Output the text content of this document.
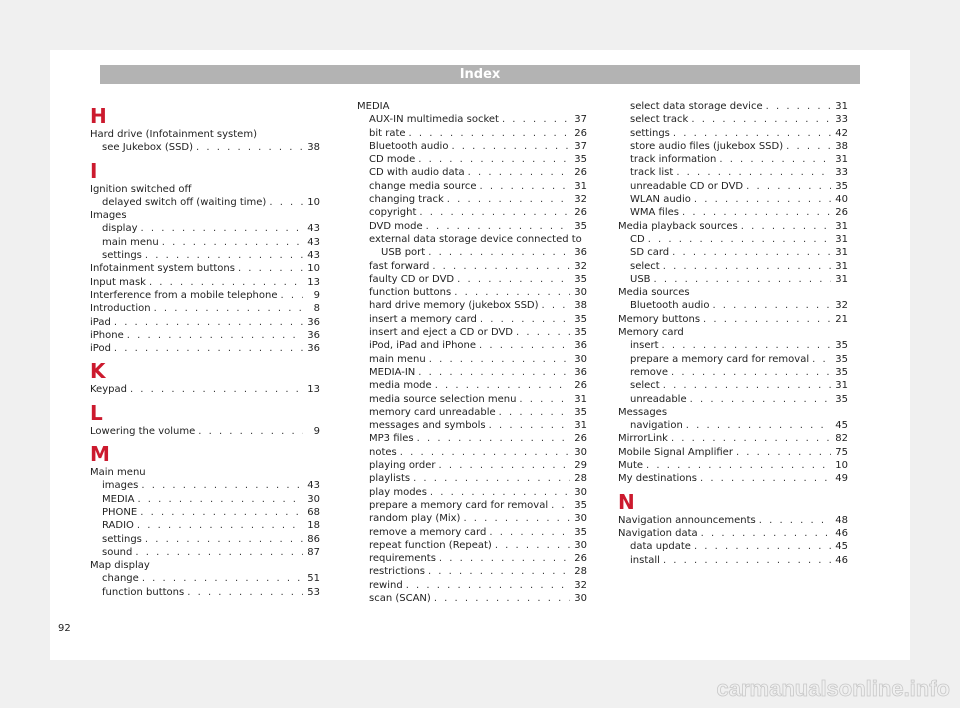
Index
H
Hard drive (Infotainment system)
see Jukebox (SSD) . . .	38
I
Ignition switched off
delayed switch off (waiting time) . . .	10
Images
display . . .	43
main menu . . .	43
settings . . .	43
Infotainment system buttons . . .	10
Input mask . . .	13
Interference from a mobile telephone . . .	9
Introduction . . .	8
iPad . . .	36
iPhone . . .	36
iPod . . .	36
K
Keypad . . .	13
L
Lowering the volume . . .	9
M
Main menu
images . . .	43
MEDIA . . .	30
PHONE . . .	68
RADIO . . .	18
settings . . .	86
sound . . .	87
Map display
change . . .	51
function buttons . . .	53
MEDIA
AUX-IN multimedia socket . . .	37
bit rate . . .	26
Bluetooth audio . . .	37
CD mode . . .	35
CD with audio data . . .	26
change media source . . .	31
changing track . . .	32
copyright . . .	26
DVD mode . . .	35
external data storage device connected to
USB port . . .	36
fast forward . . .	32
faulty CD or DVD . . .	35
function buttons . . .	30
hard drive memory (jukebox SSD) . . .	38
insert a memory card . . .	35
insert and eject a CD or DVD . . .	35
iPod, iPad and iPhone . . .	36
main menu . . .	30
MEDIA-IN . . .	36
media mode . . .	26
media source selection menu . . .	31
memory card unreadable . . .	35
messages and symbols . . .	31
MP3 files . . .	26
notes . . .	30
playing order . . .	29
playlists . . .	28
play modes . . .	30
prepare a memory card for removal . . .	35
random play (Mix) . . .	30
remove a memory card . . .	35
repeat function (Repeat) . . .	30
requirements . . .	26
restrictions . . .	28
rewind . . .	32
scan (SCAN) . . .	30
select data storage device . . .	31
select track . . .	33
settings . . .	42
store audio files (jukebox SSD) . . .	38
track information . . .	31
track list . . .	33
unreadable CD or DVD . . .	35
WLAN audio . . .	40
WMA files . . .	26
Media playback sources . . .	31
CD . . .	31
SD card . . .	31
select . . .	31
USB . . .	31
Media sources
Bluetooth audio . . .	32
Memory buttons . . .	21
Memory card
insert . . .	35
prepare a memory card for removal . . .	35
remove . . .	35
select . . .	31
unreadable . . .	35
Messages
navigation . . .	45
MirrorLink . . .	82
Mobile Signal Amplifier . . .	75
Mute . . .	10
My destinations . . .	49
N
Navigation announcements . . .	48
Navigation data . . .	46
data update . . .	45
install . . .	46
92
carmanualsonline.info
